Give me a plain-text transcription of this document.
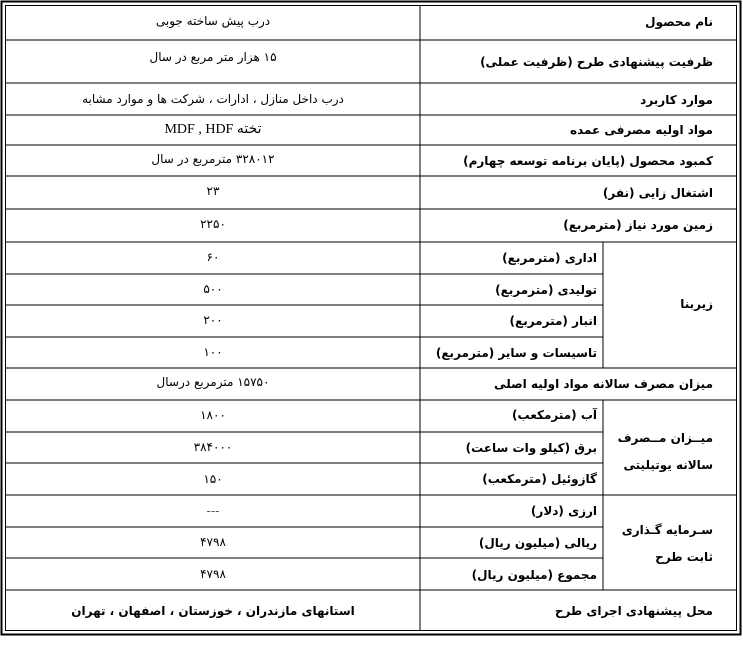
نام محصول
ظرفیت پیشنهادی طرح (ظرفیت عملی)
موارد کاربرد
مواد اولیه مصرفی عمده
کمبود محصول (پایان برنامه توسعه چهارم)
اشتغال زایی (نفر)
زمین مورد نیاز (مترمربع)
میزان مصرف سالانه مواد اولیه اصلی
محل پیشنهادی اجرای طرح
درب پیش ساخته جوبی
۱۵ هزار متر مربع در سال
درب داخل منازل ، ادارات ، شرکت ها و موارد مشابه
تخته MDF , HDF
۳۲۸۰۱۲ مترمربع در سال
۲۳
۲۲۵۰
۱۵۷۵۰ مترمربع درسال
استانهای مازندران ، خوزستان ، اصفهان ، تهران
زیربنا
اداری (مترمربع)
تولیدی (مترمربع)
انبار (مترمربع)
تاسیسات و سایر (مترمربع)
۶۰
۵۰۰
۲۰۰
۱۰۰
میــزان مــصرف
سالانه یوتیلیتی
آب (مترمکعب)
برق (کیلو وات ساعت)
گازوئیل (مترمکعب)
۱۸۰۰
۳۸۴۰۰۰
۱۵۰
سـرمایه گـذاری
ثابت طرح
ارزی (دلار)
ریالی (میلیون ریال)
مجموع (میلیون ریال)
---
۴۷۹۸
۴۷۹۸
